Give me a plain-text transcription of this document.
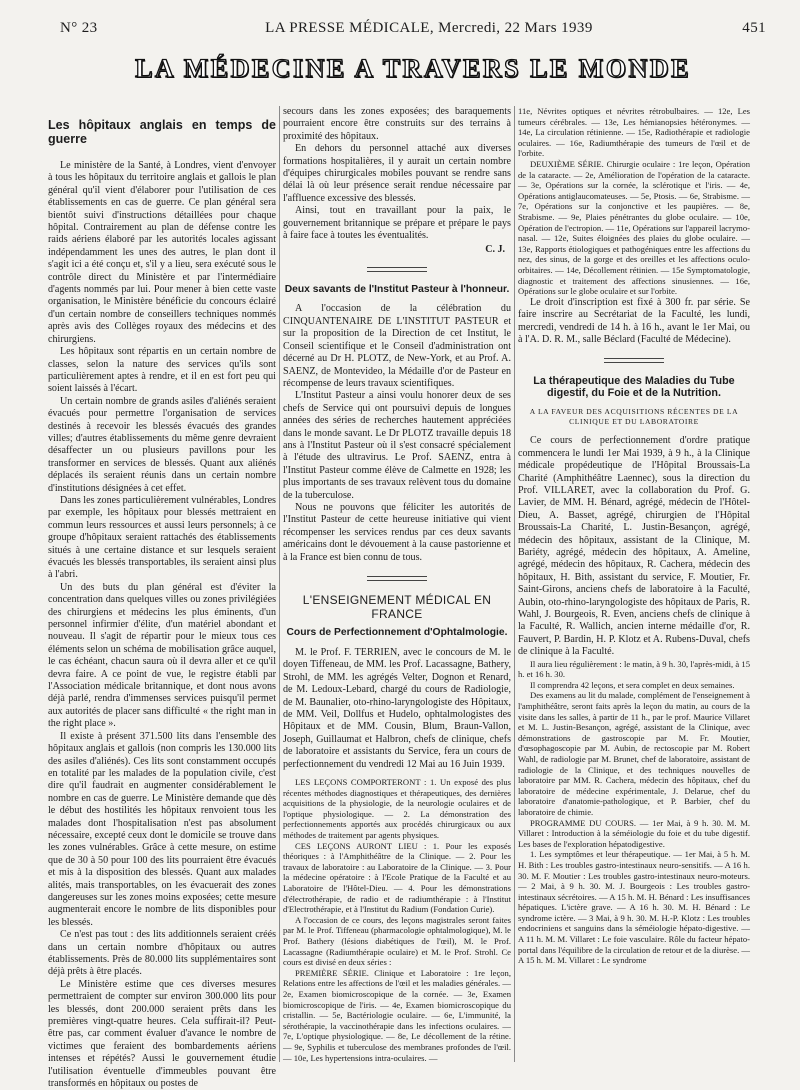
N° 23	LA PRESSE MÉDICALE, Mercredi, 22 Mars 1939	451
LA MÉDECINE A TRAVERS LE MONDE
Les hôpitaux anglais en temps de guerre

Le ministère de la Santé, à Londres, vient d'envoyer à tous les hôpitaux du territoire anglais et gallois le plan général qu'il vient d'élaborer pour l'utilisation de ces établissements en cas de guerre. Ce plan général sera bientôt suivi d'instructions détaillées pour chaque hôpital. Contrairement au plan de défense contre les raids aériens élaboré par les autorités locales agissant indépendamment les unes des autres, le plan dont il s'agit ici a été conçu et, s'il y a lieu, sera exécuté sous le contrôle direct du Ministère et par l'intermédiaire d'agents nommés par lui. Pour mener à bien cette vaste organisation, le Ministère bénéficie du concours éclairé d'un certain nombre de conseillers techniques nommés après avis des Collèges royaux des médecins et des chirurgiens.

Les hôpitaux sont répartis en un certain nombre de classes, selon la nature des services qu'ils sont particulièrement aptes à rendre, et il en est fort peu qui soient laissés à l'écart.

Un certain nombre de grands asiles d'aliénés seraient évacués pour permettre l'organisation de services destinés à recevoir les blessés évacués des grandes villes; d'autres établissements du même genre devraient désaffecter un ou plusieurs pavillons pour les transformer en services de blessés. Quant aux aliénés déplacés ils seraient réunis dans un certain nombre d'institutions désignées à cet effet.

Dans les zones particulièrement vulnérables, Londres par exemple, les hôpitaux pour blessés mettraient en commun leurs ressources et aussi leurs personnels; à ce groupe d'hôpitaux seraient rattachés des établissements situés à une certaine distance et sur lesquels seraient évacués les blessés transportables, ils seraient ainsi plus à l'abri.

Un des buts du plan général est d'éviter la concentration dans quelques villes ou zones privilégiées des chirurgiens et médecins les plus éminents, d'un personnel infirmier d'élite, d'un matériel abondant et nouveau. Il s'agit de répartir pour le mieux tous ces éléments selon un schéma de mobilisation grâce auquel, le cas échéant, chacun saura où il devra aller et ce qu'il devra faire. A ce point de vue, le registre établi par l'Association médicale britannique, et dont nous avons déjà parlé, rendra d'immenses services puisqu'il permet aux autorités de placer sans difficulté « the right man in the right place ».

Il existe à présent 371.500 lits dans l'ensemble des hôpitaux anglais et gallois (non compris les 130.000 lits des asiles d'aliénés). Ces lits sont constamment occupés en totalité par les malades de la population civile, c'est dire qu'il faudrait en augmenter considérablement le nombre en cas de guerre. Le Ministère demande que dès le début des hostilités les hôpitaux renvoient tous les malades dont l'hospitalisation n'est pas absolument nécessaire, excepté ceux dont le domicile se trouve dans les zones vulnérables. Grâce à cette mesure, on estime que de 30 à 50 pour 100 des lits pourraient être évacués et mis à la disposition des blessés. Quant aux malades alités, mais transportables, on les évacuerait des zones dangereuses sur les zones moins exposées; cette mesure augmenterait encore le nombre de lits disponibles pour les blessés.

Ce n'est pas tout : des lits additionnels seraient créés dans un certain nombre d'hôpitaux ou autres établissements. Près de 80.000 lits supplémentaires sont déjà prêts à être placés.

Le Ministère estime que ces diverses mesures permettraient de compter sur environ 300.000 lits pour les blessés, dont 200.000 seraient prêts dans les premières vingt-quatre heures. Cela suffirait-il? Peut-être pas, car comment évaluer d'avance le nombre de victimes que feraient des bombardements aériens intenses et répétés? Aussi le gouvernement étudie l'utilisation éventuelle d'immeubles pouvant être transformés en hôpitaux ou postes de

secours dans les zones exposées; des baraquements pourraient encore être construits sur des terrains à proximité des hôpitaux.

En dehors du personnel attaché aux diverses formations hospitalières, il y aurait un certain nombre d'équipes chirurgicales mobiles pouvant se rendre sans délai là où leur présence serait rendue nécessaire par l'affluence excessive des blessés.

Ainsi, tout en travaillant pour la paix, le gouvernement britannique se prépare et prépare le pays à faire face à toutes les éventualités.

C. J.
Deux savants de l'Institut Pasteur à l'honneur.

A l'occasion de la célébration du CINQUANTENAIRE DE L'INSTITUT PASTEUR et sur la proposition de la Direction de cet Institut, le Conseil scientifique et le Conseil d'administration ont décerné au Dr H. PLOTZ, de New-York, et au Prof. A. SAENZ, de Montevideo, la Médaille d'or de Pasteur en récompense de leurs travaux scientifiques.

L'Institut Pasteur a ainsi voulu honorer deux de ses chefs de Service qui ont poursuivi depuis de longues années des séries de recherches hautement appréciées dans le monde savant. Le Dr PLOTZ travaille depuis 18 ans à l'Institut Pasteur où il s'est consacré spécialement à l'étude des ultravirus. Le Prof. SAENZ, entra à l'Institut Pasteur comme élève de Calmette en 1928; les plus importants de ses travaux relèvent tous du domaine de la tuberculose.

Nous ne pouvons que féliciter les autorités de l'Institut Pasteur de cette heureuse initiative qui vient récompenser les services rendus par ces deux savants américains dont le dévouement à la cause pastorienne et à la France est bien connu de tous.

L'ENSEIGNEMENT MÉDICAL EN FRANCE
Cours de Perfectionnement d'Ophtalmologie.

M. le Prof. F. TERRIEN, avec le concours de M. le doyen Tiffeneau, de MM. les Prof. Lacassagne, Bathery, Strohl, de MM. les agrégés Velter, Dognon et Renard, de M. Ledoux-Lebard, chargé du cours de Radiologie, de M. Baunalier, oto-rhino-laryngologiste des Hôpitaux, de MM. Veil, Dollfus et Hudelo, ophtalmologistes des Hôpitaux et de MM. Cousin, Blum, Braun-Vallon, Joseph, Guillaumat et Halbron, chefs de clinique, chefs de laboratoire et assistants du Service, fera un cours de perfectionnement du vendredi 12 Mai au 16 Juin 1939.

LES LEÇONS COMPORTERONT : 1. Un exposé des plus récentes méthodes diagnostiques et thérapeutiques, des dernières acquisitions de la physiologie, de la neurologie oculaires et de l'optique physiologique. — 2. La démonstration des perfectionnements apportés aux procédés chirurgicaux ou aux méthodes de traitement par agents physiques.

CES LEÇONS AURONT LIEU : 1. Pour les exposés théoriques : à l'Amphithéâtre de la Clinique. — 2. Pour les travaux de laboratoire : au Laboratoire de la Clinique. — 3. Pour la médecine opératoire : à l'Ecole Pratique de la Faculté et au Laboratoire de l'Hôtel-Dieu. — 4. Pour les démonstrations d'électrothérapie, de radio et de radiumthérapie : à l'Institut d'Electrothérapie, et à l'Institut du Radium (Fondation Curie).

A l'occasion de ce cours, des leçons magistrales seront faites par M. le Prof. Tiffeneau (pharmacologie ophtalmologique), M. le Prof. Bathery (lésions diabétiques de l'œil), M. le Prof. Lacassagne (Radiumthérapie oculaire) et M. le Prof. Strohl. Ce cours est divisé en deux séries :

PREMIÈRE SÉRIE. Clinique et Laboratoire : 1re leçon, Relations entre les affections de l'œil et les maladies générales. — 2e, Examen biomicroscopique de la cornée. — 3e, Examen biomicroscopique de l'iris. — 4e, Examen biomicroscopique du cristallin. — 5e, Bactériologie oculaire. — 6e, L'immunité, la sérothérapie, la vaccinothérapie dans les infections oculaires. — 7e, L'optique physiologique. — 8e, Le décollement de la rétine. — 9e, Syphilis et tuberculose des membranes profondes de l'œil. — 10e, Les hypertensions intra-oculaires. —

11e, Névrites optiques et névrites rétrobulbaires. — 12e, Les tumeurs cérébrales. — 13e, Les hémianopsies hétéronymes. — 14e, La circulation rétinienne. — 15e, Radiothérapie et radiologie oculaires. — 16e, Radiumthérapie des tumeurs de l'œil et de l'orbite.

DEUXIÈME SÉRIE. Chirurgie oculaire : 1re leçon, Opération de la cataracte. — 2e, Amélioration de l'opération de la cataracte. — 3e, Opérations sur la cornée, la sclérotique et l'iris. — 4e, Opérations antiglaucomateuses. — 5e, Ptosis. — 6e, Strabisme. — 7e, Opérations sur la conjonctive et les paupières. — 8e, Strabisme. — 9e, Plaies pénétrantes du globe oculaire. — 10e, Opération de l'ectropion. — 11e, Opérations sur l'appareil lacrymo-nasal. — 12e, Suites éloignées des plaies du globe oculaire. — 13e, Rapports étiologiques et pathogéniques entre les affections du nez, des sinus, de la gorge et des oreilles et les affections oculo-orbitaires. — 14e, Décollement rétinien. — 15e Symptomatologie, diagnostic et traitement des affections sinusiennes. — 16e, Opérations sur le globe oculaire et sur l'orbite.

Le droit d'inscription est fixé à 300 fr. par série. Se faire inscrire au Secrétariat de la Faculté, les lundi, mercredi, vendredi de 14 h. à 16 h., avant le 1er Mai, ou à l'A. D. R. M., salle Béclard (Faculté de Médecine).

La thérapeutique des Maladies du Tube digestif, du Foie et de la Nutrition.
A LA FAVEUR DES ACQUISITIONS RÉCENTES DE LA CLINIQUE ET DU LABORATOIRE

Ce cours de perfectionnement d'ordre pratique commencera le lundi 1er Mai 1939, à 9 h., à la Clinique médicale propédeutique de l'Hôpital Broussais-La Charité (Amphithéâtre Laennec), sous la direction du Prof. VILLARET, avec la collaboration du Prof. G. Lavier, de MM. H. Bénard, agrégé, médecin de l'Hôtel-Dieu, A. Basset, agrégé, chirurgien de l'Hôpital Broussais-La Charité, L. Justin-Besançon, agrégé, médecin des hôpitaux, assistant de la Clinique, M. Bariéty, agrégé, médecin des hôpitaux, A. Ameline, agrégé, médecin des hôpitaux, R. Cachera, médecin des hôpitaux, H. Bith, assistant du service, F. Moutier, Fr. Saint-Girons, anciens chefs de laboratoire à la Faculté, Aubin, oto-rhino-laryngologiste des hôpitaux de Paris, R. Wahl, J. Bourgeois, R. Even, anciens chefs de clinique à la Faculté, R. Wallich, ancien interne médaille d'or, R. Fauvert, P. Bardin, H. P. Klotz et A. Rubens-Duval, chefs de clinique à la Faculté.

Il aura lieu régulièrement : le matin, à 9 h. 30, l'après-midi, à 15 h. et 16 h. 30.

Il comprendra 42 leçons, et sera complet en deux semaines.

Des examens au lit du malade, complément de l'enseignement à l'amphithéâtre, seront faits après la leçon du matin, au cours de la visite dans les salles, à partir de 11 h., par le prof. Maurice Villaret et M. L. Justin-Besançon, agrégé, assistant de la Clinique, avec démonstrations de gastroscopie par M. Fr. Moutier, d'œsophagoscopie par M. Aubin, de rectoscopie par M. Robert Wahl, de radiologie par M. Brunet, chef de laboratoire, assistant de radiologie de la Clinique, et des techniques nouvelles de laboratoire par MM. R. Cachera, médecin des hôpitaux, chef du laboratoire de médecine expérimentale, J. Delarue, chef du laboratoire d'anatomie-pathologique, et P. Barbier, chef du laboratoire de chimie.

PROGRAMME DU COURS. — 1er Mai, à 9 h. 30. M. M. Villaret : Introduction à la séméiologie du foie et du tube digestif. Les bases de l'exploration hépatodigestive.

1. Les symptômes et leur thérapeutique. — 1er Mai, à 5 h. M. H. Bith : Les troubles gastro-intestinaux neuro-sensitifs. — A 16 h. 30. M. F. Moutier : Les troubles gastro-intestinaux neuro-moteurs. — 2 Mai, à 9 h. 30. M. J. Bourgeois : Les troubles gastro-intestinaux sécrétoires. — A 15 h. M. H. Bénard : Les insuffisances hépatiques. L'ictère grave. — A 16 h. 30. M. H. Bénard : Le syndrome ictère. — 3 Mai, à 9 h. 30. M. H.-P. Klotz : Les troubles endocriniens et sanguins dans la séméiologie hépato-digestive. — A 11 h. M. M. Villaret : Le foie vasculaire. Rôle du facteur hépato-portal dans l'équilibre de la circulation de retour et de la diurèse. — A 15 h. M. M. Villaret : Le syndrome
